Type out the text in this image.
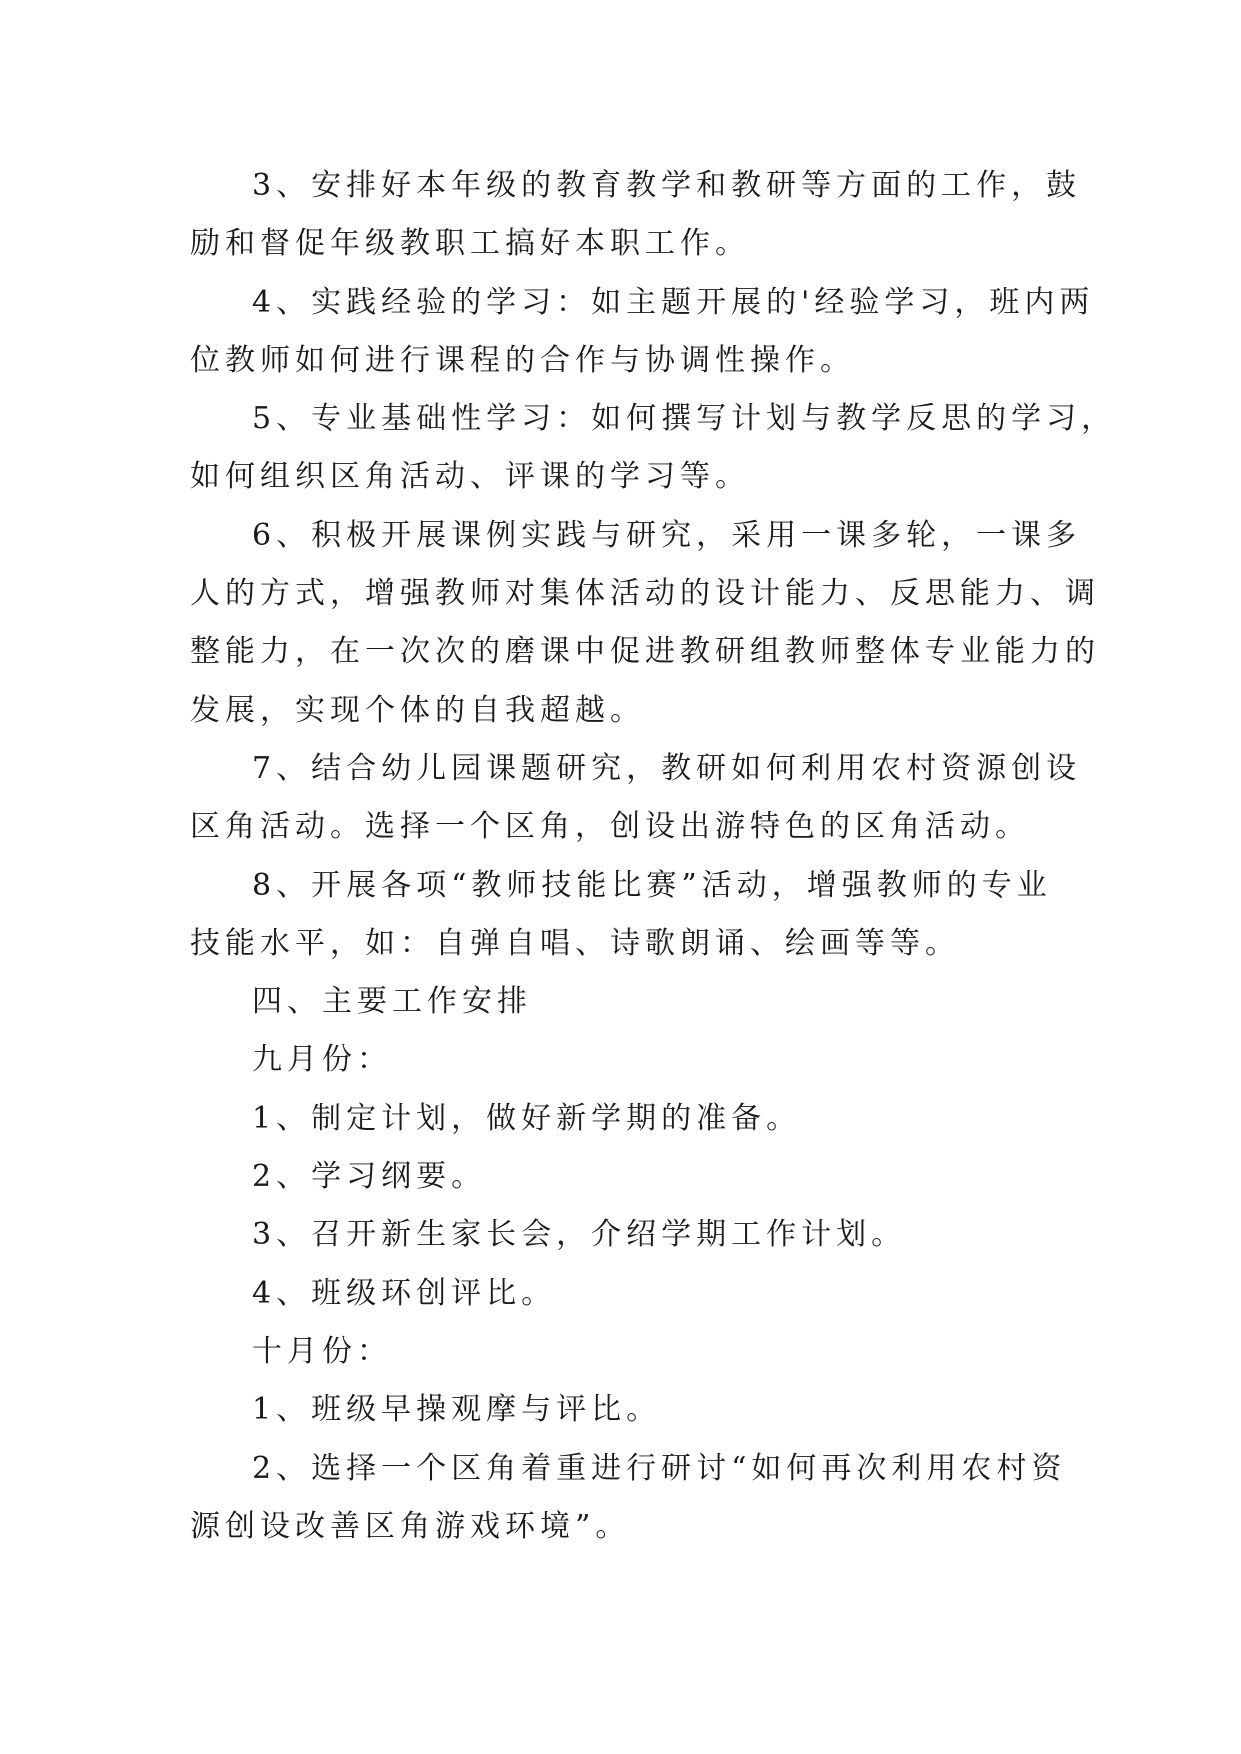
3、安排好本年级的教育教学和教研等方面的工作，鼓

励和督促年级教职工搞好本职工作。

4、实践经验的学习：如主题开展的'经验学习，班内两

位教师如何进行课程的合作与协调性操作。

5、专业基础性学习：如何撰写计划与教学反思的学习，

如何组织区角活动、评课的学习等。

6、积极开展课例实践与研究，采用一课多轮，一课多

人的方式，增强教师对集体活动的设计能力、反思能力、调

整能力，在一次次的磨课中促进教研组教师整体专业能力的

发展，实现个体的自我超越。

7、结合幼儿园课题研究，教研如何利用农村资源创设

区角活动。选择一个区角，创设出游特色的区角活动。

8、开展各项“教师技能比赛”活动，增强教师的专业

技能水平，如：自弹自唱、诗歌朗诵、绘画等等。

四、主要工作安排

九月份：

1、制定计划，做好新学期的准备。

2、学习纲要。

3、召开新生家长会，介绍学期工作计划。

4、班级环创评比。

十月份：

1、班级早操观摩与评比。

2、选择一个区角着重进行研讨“如何再次利用农村资

源创设改善区角游戏环境”。
